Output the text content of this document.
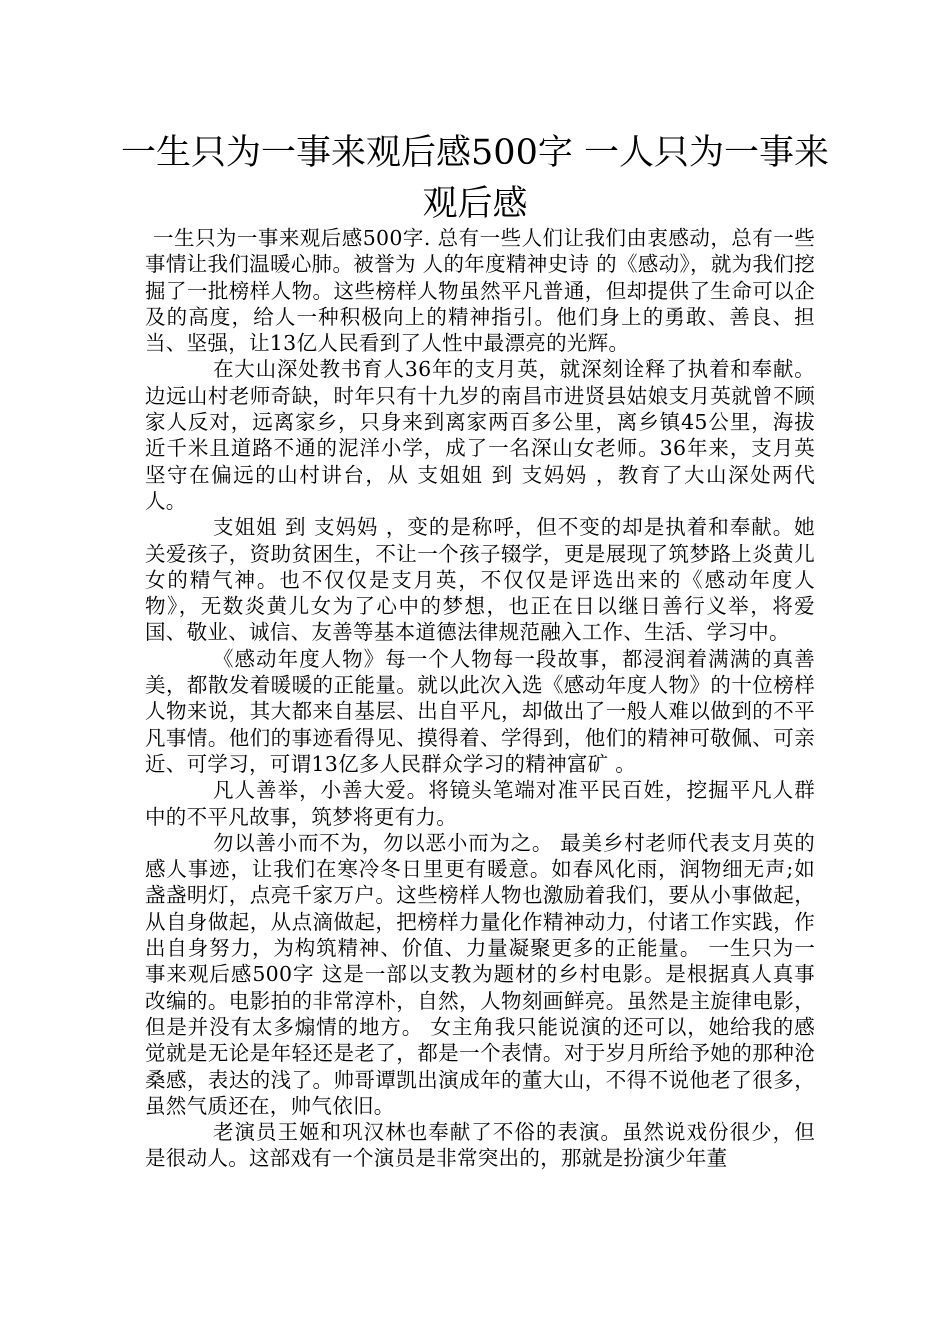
一生只为一事来观后感500字 一人只为一事来观后感

一生只为一事来观后感500字. 总有一些人们让我们由衷感动，总有一些事情让我们温暖心肺。被誉为 人的年度精神史诗 的《感动》，就为我们挖掘了一批榜样人物。这些榜样人物虽然平凡普通，但却提供了生命可以企及的高度，给人一种积极向上的精神指引。他们身上的勇敢、善良、担当、坚强，让13亿人民看到了人性中最漂亮的光辉。

在大山深处教书育人36年的支月英，就深刻诠释了执着和奉献。边远山村老师奇缺，时年只有十九岁的南昌市进贤县姑娘支月英就曾不顾家人反对，远离家乡，只身来到离家两百多公里，离乡镇45公里，海拔近千米且道路不通的泥洋小学，成了一名深山女老师。36年来，支月英坚守在偏远的山村讲台，从 支姐姐 到 支妈妈 ，教育了大山深处两代人。

支姐姐 到 支妈妈 ，变的是称呼，但不变的却是执着和奉献。她关爱孩子，资助贫困生，不让一个孩子辍学，更是展现了筑梦路上炎黄儿女的精气神。也不仅仅是支月英，不仅仅是评选出来的《感动年度人物》，无数炎黄儿女为了心中的梦想，也正在日以继日善行义举，将爱国、敬业、诚信、友善等基本道德法律规范融入工作、生活、学习中。

《感动年度人物》每一个人物每一段故事，都浸润着满满的真善美，都散发着暖暖的正能量。就以此次入选《感动年度人物》的十位榜样人物来说，其大都来自基层、出自平凡，却做出了一般人难以做到的不平凡事情。他们的事迹看得见、摸得着、学得到，他们的精神可敬佩、可亲近、可学习，可谓13亿多人民群众学习的精神富矿 。

凡人善举，小善大爱。将镜头笔端对准平民百姓，挖掘平凡人群中的不平凡故事，筑梦将更有力。

勿以善小而不为，勿以恶小而为之。 最美乡村老师代表支月英的感人事迹，让我们在寒冷冬日里更有暖意。如春风化雨，润物细无声;如盏盏明灯，点亮千家万户。这些榜样人物也激励着我们，要从小事做起，从自身做起，从点滴做起，把榜样力量化作精神动力，付诸工作实践，作出自身努力，为构筑精神、价值、力量凝聚更多的正能量。 一生只为一事来观后感500字 这是一部以支教为题材的乡村电影。是根据真人真事改编的。电影拍的非常淳朴，自然，人物刻画鲜亮。虽然是主旋律电影，但是并没有太多煽情的地方。 女主角我只能说演的还可以，她给我的感觉就是无论是年轻还是老了，都是一个表情。对于岁月所给予她的那种沧桑感，表达的浅了。帅哥谭凯出演成年的董大山，不得不说他老了很多，虽然气质还在，帅气依旧。

老演员王姬和巩汉林也奉献了不俗的表演。虽然说戏份很少，但是很动人。这部戏有一个演员是非常突出的，那就是扮演少年董
